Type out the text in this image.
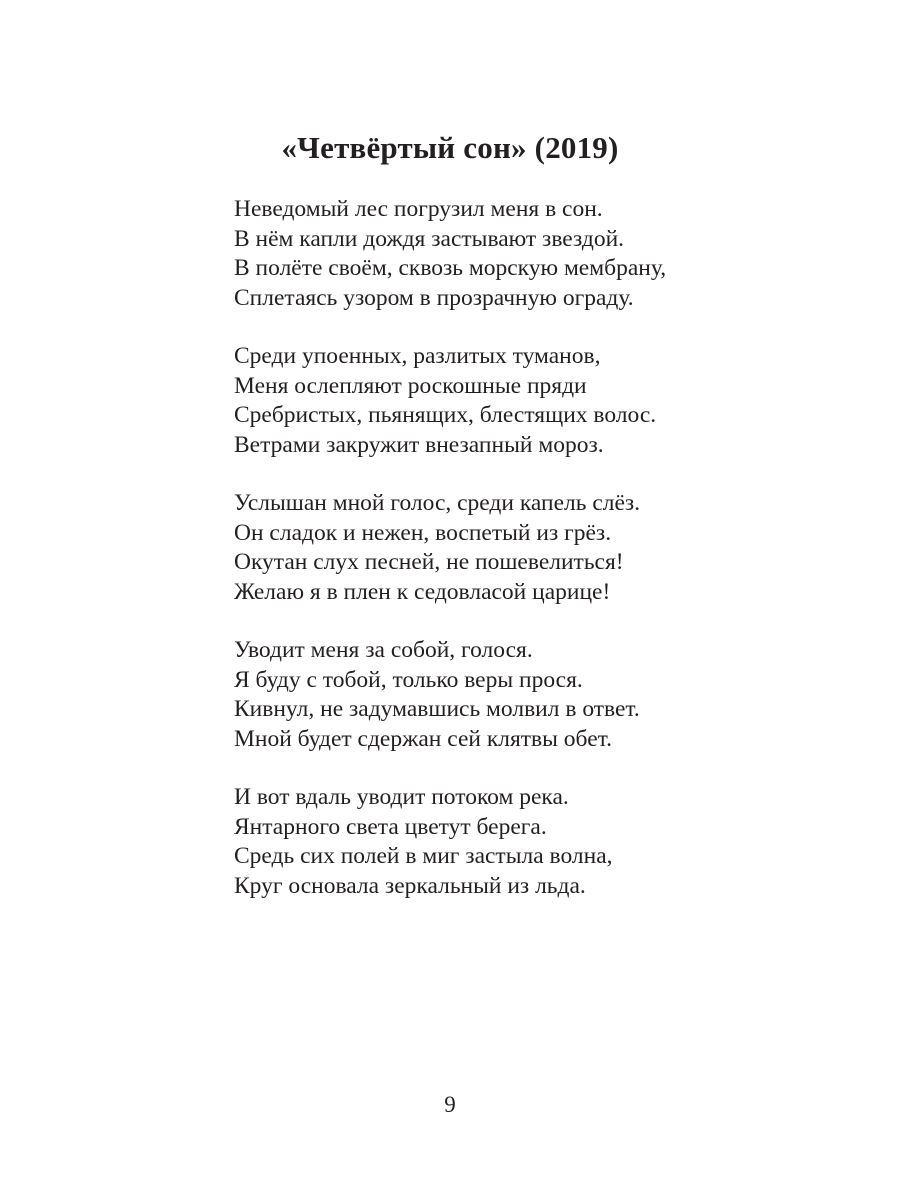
«Четвёртый сон» (2019)
Неведомый лес погрузил меня в сон.
В нём капли дождя застывают звездой.
В полёте своём, сквозь морскую мембрану,
Сплетаясь узором в прозрачную ограду.
Среди упоенных, разлитых туманов,
Меня ослепляют роскошные пряди
Сребристых, пьянящих, блестящих волос.
Ветрами закружит внезапный мороз.
Услышан мной голос, среди капель слёз.
Он сладок и нежен, воспетый из грёз.
Окутан слух песней, не пошевелиться!
Желаю я в плен к седовласой царице!
Уводит меня за собой, голося.
Я буду с тобой, только веры прося.
Кивнул, не задумавшись молвил в ответ.
Мной будет сдержан сей клятвы обет.
И вот вдаль уводит потоком река.
Янтарного света цветут берега.
Средь сих полей в миг застыла волна,
Круг основала зеркальный из льда.
9
